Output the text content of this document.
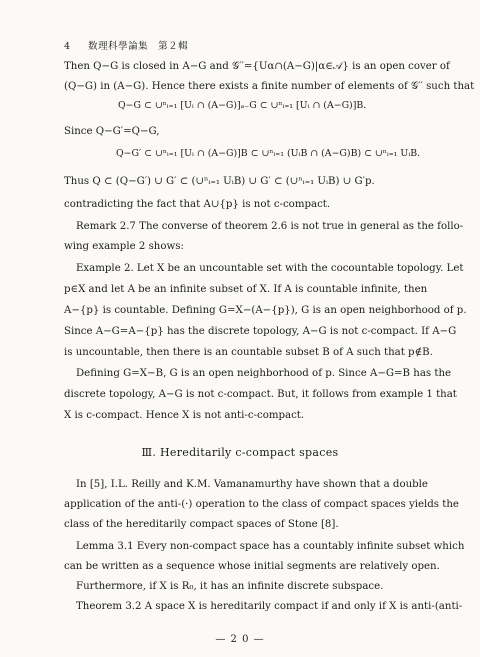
4 数理科學論集　第２輯
Then Q−G is closed in A−G and 𝒢′′={Uα∩(A−G)|α∈𝒜} is an open cover of
(Q−G) in (A−G). Hence there exists a finite number of elements of 𝒢′′ such that
Q−G ⊂ ∪ⁿᵢ₌₁ [Uᵢ ∩ (A−G)]ₐ₋G ⊂ ∪ⁿᵢ₌₁ [Uᵢ ∩ (A−G)]B.
Since Q−G′=Q−G,
Q−G′ ⊂ ∪ⁿᵢ₌₁ [Uᵢ ∩ (A−G)]B ⊂ ∪ⁿᵢ₌₁ (UᵢB ∩ (A−G)B) ⊂ ∪ⁿᵢ₌₁ UᵢB.
Thus Q ⊂ (Q−G′) ∪ G′ ⊂ (∪ⁿᵢ₌₁ UᵢB) ∪ G′ ⊂ (∪ⁿᵢ₌₁ UᵢB) ∪ G′p.
contradicting the fact that A∪{p} is not c-compact.
Remark 2.7 The converse of theorem 2.6 is not true in general as the follo-
wing example 2 shows:
Example 2. Let X be an uncountable set with the cocountable topology. Let
p∈X and let A be an infinite subset of X. If A is countable infinite, then
A−{p} is countable. Defining G=X−(A−{p}), G is an open neighborhood of p.
Since A−G=A−{p} has the discrete topology, A−G is not c-compact. If A−G
is uncountable, then there is an countable subset B of A such that p∉B.
Defining G=X−B, G is an open neighborhood of p. Since A−G=B has the
discrete topology, A−G is not c-compact. But, it follows from example 1 that
X is c-compact. Hence X is not anti-c-compact.
Ⅲ. Hereditarily c-compact spaces
In [5], I.L. Reilly and K.M. Vamanamurthy have shown that a double
application of the anti-(·) operation to the class of compact spaces yields the
class of the hereditarily compact spaces of Stone [8].
Lemma 3.1 Every non-compact space has a countably infinite subset which
can be written as a sequence whose initial segments are relatively open.
Furthermore, if X is R₀, it has an infinite discrete subspace.
Theorem 3.2 A space X is hereditarily compact if and only if X is anti-(anti-
— 2 0 —
